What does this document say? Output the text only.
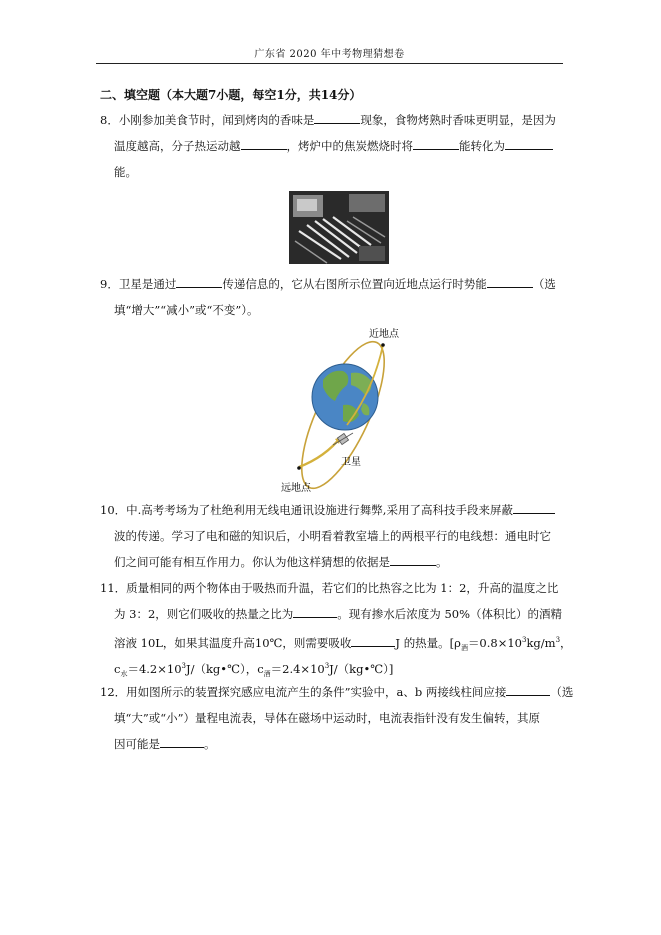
广东省 2020 年中考物理猜想卷
二、填空题（本大题7小题，每空1分，共14分）
8．小刚参加美食节时，闻到烤肉的香味是	现象，食物烤熟时香味更明显，是因为
温度越高，分子热运动越	，烤炉中的焦炭燃烧时将	能转化为
能。
9．卫星是通过	传递信息的，它从右图所示位置向近地点运行时势能	（选
填“增大”“减小”或“不变”）。
近地点
远地点
卫星
10．中.高考考场为了杜绝利用无线电通讯设施进行舞弊,采用了高科技手段来屏蔽
波的传递。学习了电和磁的知识后，小明看着教室墙上的两根平行的电线想：通电时它
们之间可能有相互作用力。你认为他这样猜想的依据是	。
11．质量相同的两个物体由于吸热而升温，若它们的比热容之比为 1：2，升高的温度之比
为 3：2，则它们吸收的热量之比为	。现有掺水后浓度为 50%（体积比）的酒精
溶液 10L，如果其温度升高10℃，则需要吸收	J 的热量。[$\rho_酒=0.8\times 10^3kg/m^3$，
$c_水=4.2\times 10^3J/(kg•℃)$，$c_酒=2.4\times 10^3J/(kg•℃)$]
12．用如图所示的装置探究感应电流产生的条件”实验中，a、b 两接线柱间应接	（选
填“大”或“小”）量程电流表，导体在磁场中运动时，电流表指针没有发生偏转，其原
因可能是	。
